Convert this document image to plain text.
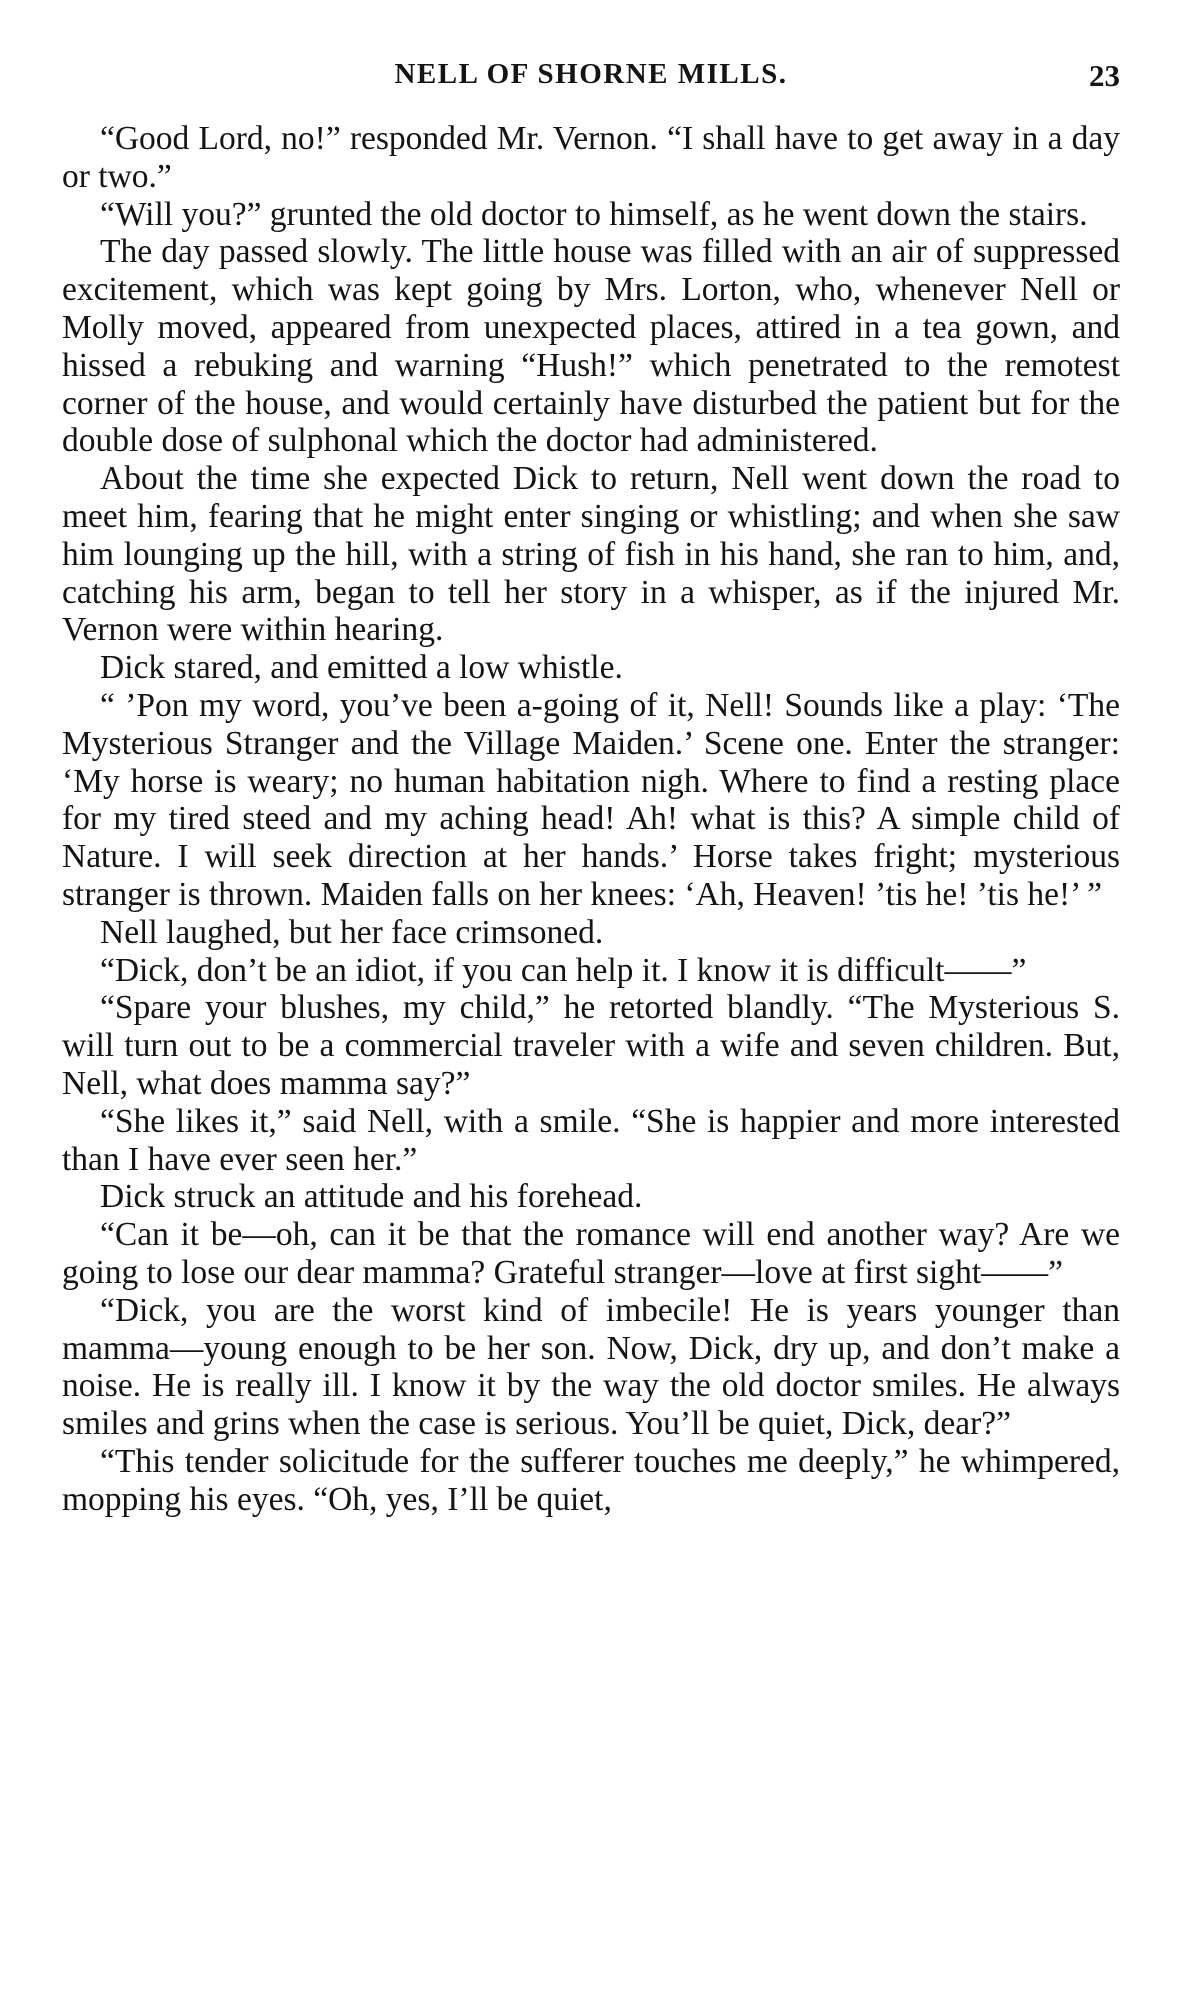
NELL OF SHORNE MILLS.	23

“Good Lord, no!” responded Mr. Vernon. “I shall have to get away in a day or two.”

“Will you?” grunted the old doctor to himself, as he went down the stairs.

The day passed slowly. The little house was filled with an air of suppressed excitement, which was kept going by Mrs. Lorton, who, whenever Nell or Molly moved, appeared from unexpected places, attired in a tea gown, and hissed a rebuking and warning “Hush!” which penetrated to the remotest corner of the house, and would certainly have disturbed the patient but for the double dose of sulphonal which the doctor had administered.

About the time she expected Dick to return, Nell went down the road to meet him, fearing that he might enter singing or whistling; and when she saw him lounging up the hill, with a string of fish in his hand, she ran to him, and, catching his arm, began to tell her story in a whisper, as if the injured Mr. Vernon were within hearing.

Dick stared, and emitted a low whistle.

“ ’Pon my word, you’ve been a-going of it, Nell! Sounds like a play: ‘The Mysterious Stranger and the Village Maiden.’ Scene one. Enter the stranger: ‘My horse is weary; no human habitation nigh. Where to find a resting place for my tired steed and my aching head! Ah! what is this? A simple child of Nature. I will seek direction at her hands.’ Horse takes fright; mysterious stranger is thrown. Maiden falls on her knees: ‘Ah, Heaven! ’tis he! ’tis he!’ ”

Nell laughed, but her face crimsoned.

“Dick, don’t be an idiot, if you can help it. I know it is difficult——”

“Spare your blushes, my child,” he retorted blandly. “The Mysterious S. will turn out to be a commercial traveler with a wife and seven children. But, Nell, what does mamma say?”

“She likes it,” said Nell, with a smile. “She is happier and more interested than I have ever seen her.”

Dick struck an attitude and his forehead.

“Can it be—oh, can it be that the romance will end another way? Are we going to lose our dear mamma? Grateful stranger—love at first sight——”

“Dick, you are the worst kind of imbecile! He is years younger than mamma—young enough to be her son. Now, Dick, dry up, and don’t make a noise. He is really ill. I know it by the way the old doctor smiles. He always smiles and grins when the case is serious. You’ll be quiet, Dick, dear?”

“This tender solicitude for the sufferer touches me deeply,” he whimpered, mopping his eyes. “Oh, yes, I’ll be quiet,
